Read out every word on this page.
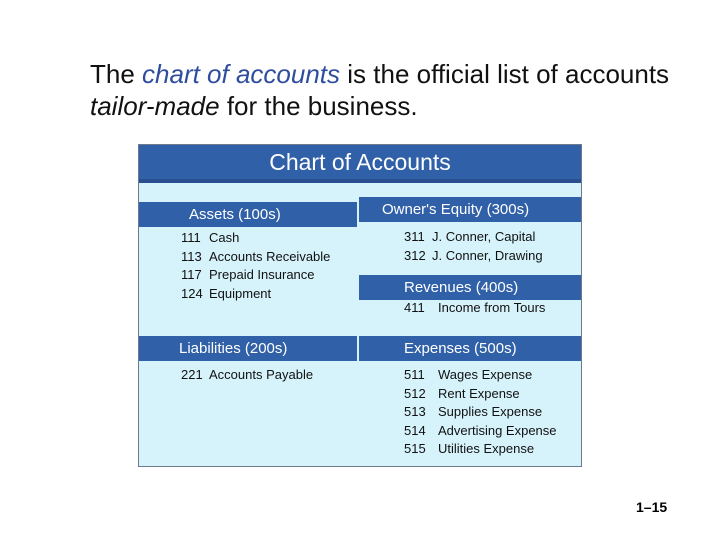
The chart of accounts is the official list of accounts tailor-made for the business.
Chart of Accounts
Assets (100s)
111 Cash
113 Accounts Receivable
117 Prepaid Insurance
124 Equipment
Liabilities (200s)
221 Accounts Payable
Owner's Equity (300s)
311 J. Conner, Capital
312 J. Conner, Drawing
Revenues (400s)
411 Income from Tours
Expenses (500s)
511 Wages Expense
512 Rent Expense
513 Supplies Expense
514 Advertising Expense
515 Utilities Expense
1–15
